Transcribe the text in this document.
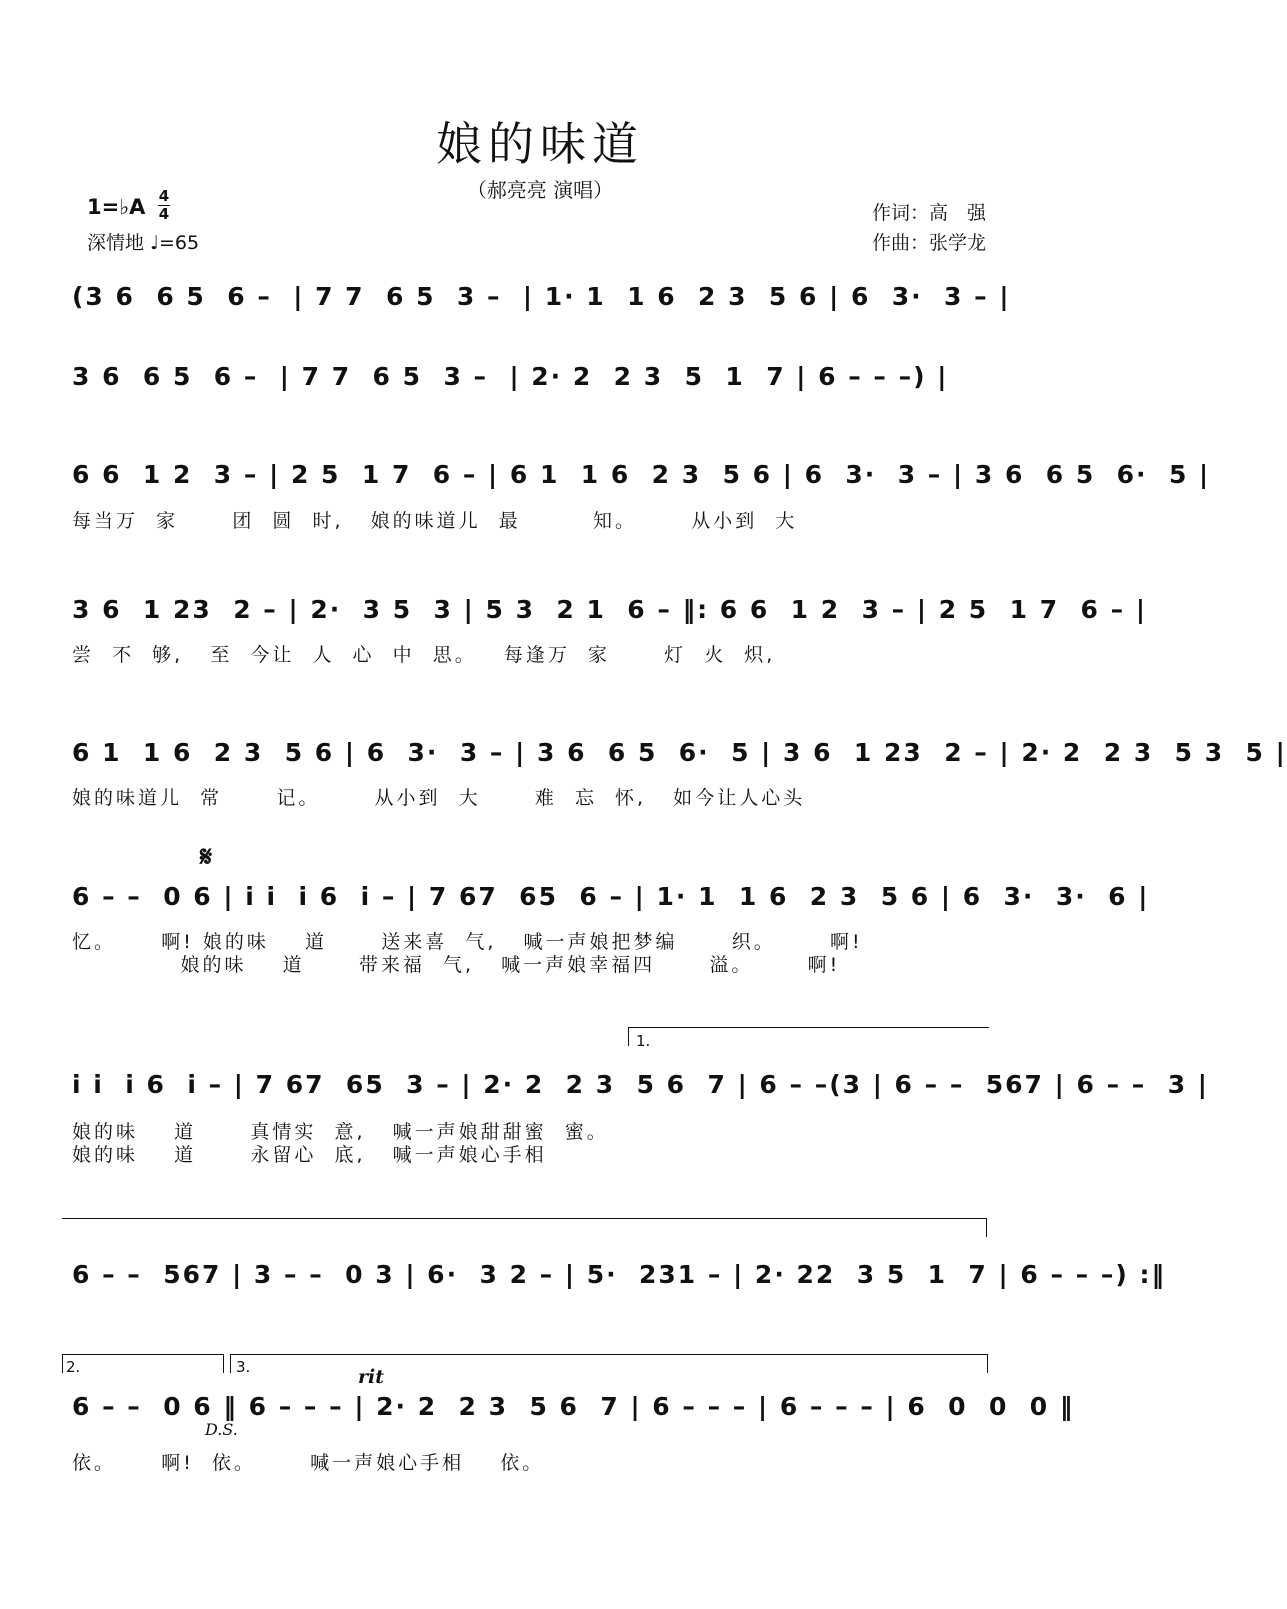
娘的味道
（郝亮亮 演唱）
1=♭A 4
4
深情地 ♩=65
作词：高　强
作曲：张学龙
(3 6  6 5  6 –  | 7 7  6 5  3 –  | 1· 1  1 6  2 3  5 6 | 6  3·  3 – |
3 6  6 5  6 –  | 7 7  6 5  3 –  | 2· 2  2 3  5  1  7 | 6 – – –) |
6 6  1 2  3 – | 2 5  1 7  6 – | 6 1  1 6  2 3  5 6 | 6  3·  3 – | 3 6  6 5  6·  5 |
每当万  家      团  圆  时,   娘的味道儿  最        知。      从小到  大
3 6  1 23  2 – | 2·  3 5  3 | 5 3  2 1  6 – ‖: 6 6  1 2  3 – | 2 5  1 7  6 – |
尝  不  够,   至  今让  人  心  中  思。   每逢万  家      灯  火  炽,
6 1  1 6  2 3  5 6 | 6  3·  3 – | 3 6  6 5  6·  5 | 3 6  1 23  2 – | 2· 2  2 3  5 3  5 |
娘的味道儿  常      记。      从小到  大      难  忘  怀,   如今让人心头
𝄋
6 – –  0 6 | i i  i 6  i – | 7 67  65  6 – | 1· 1  1 6  2 3  5 6 | 6  3·  3·  6 |
忆。     啊! 娘的味    道      送来喜  气,   喊一声娘把梦编      织。      啊!
娘的味    道      带来福  气,   喊一声娘幸福四      溢。      啊!
1.
i i  i 6  i – | 7 67  65  3 – | 2· 2  2 3  5 6  7 | 6 – –(3 | 6 – –  567 | 6 – –  3 |
娘的味    道      真情实  意,   喊一声娘甜甜蜜  蜜。
娘的味    道      永留心  底,   喊一声娘心手相
6 – –  567 | 3 – –  0 3 | 6·  3 2 – | 5·  231 – | 2· 22  3 5  1  7 | 6 – – –) :‖
2.	3.	rit
6 – –  0 6 ‖ 6 – – – | 2· 2  2 3  5 6  7 | 6 – – – | 6 – – – | 6  0  0  0 ‖
D.S.
依。     啊!  依。      喊一声娘心手相    依。
